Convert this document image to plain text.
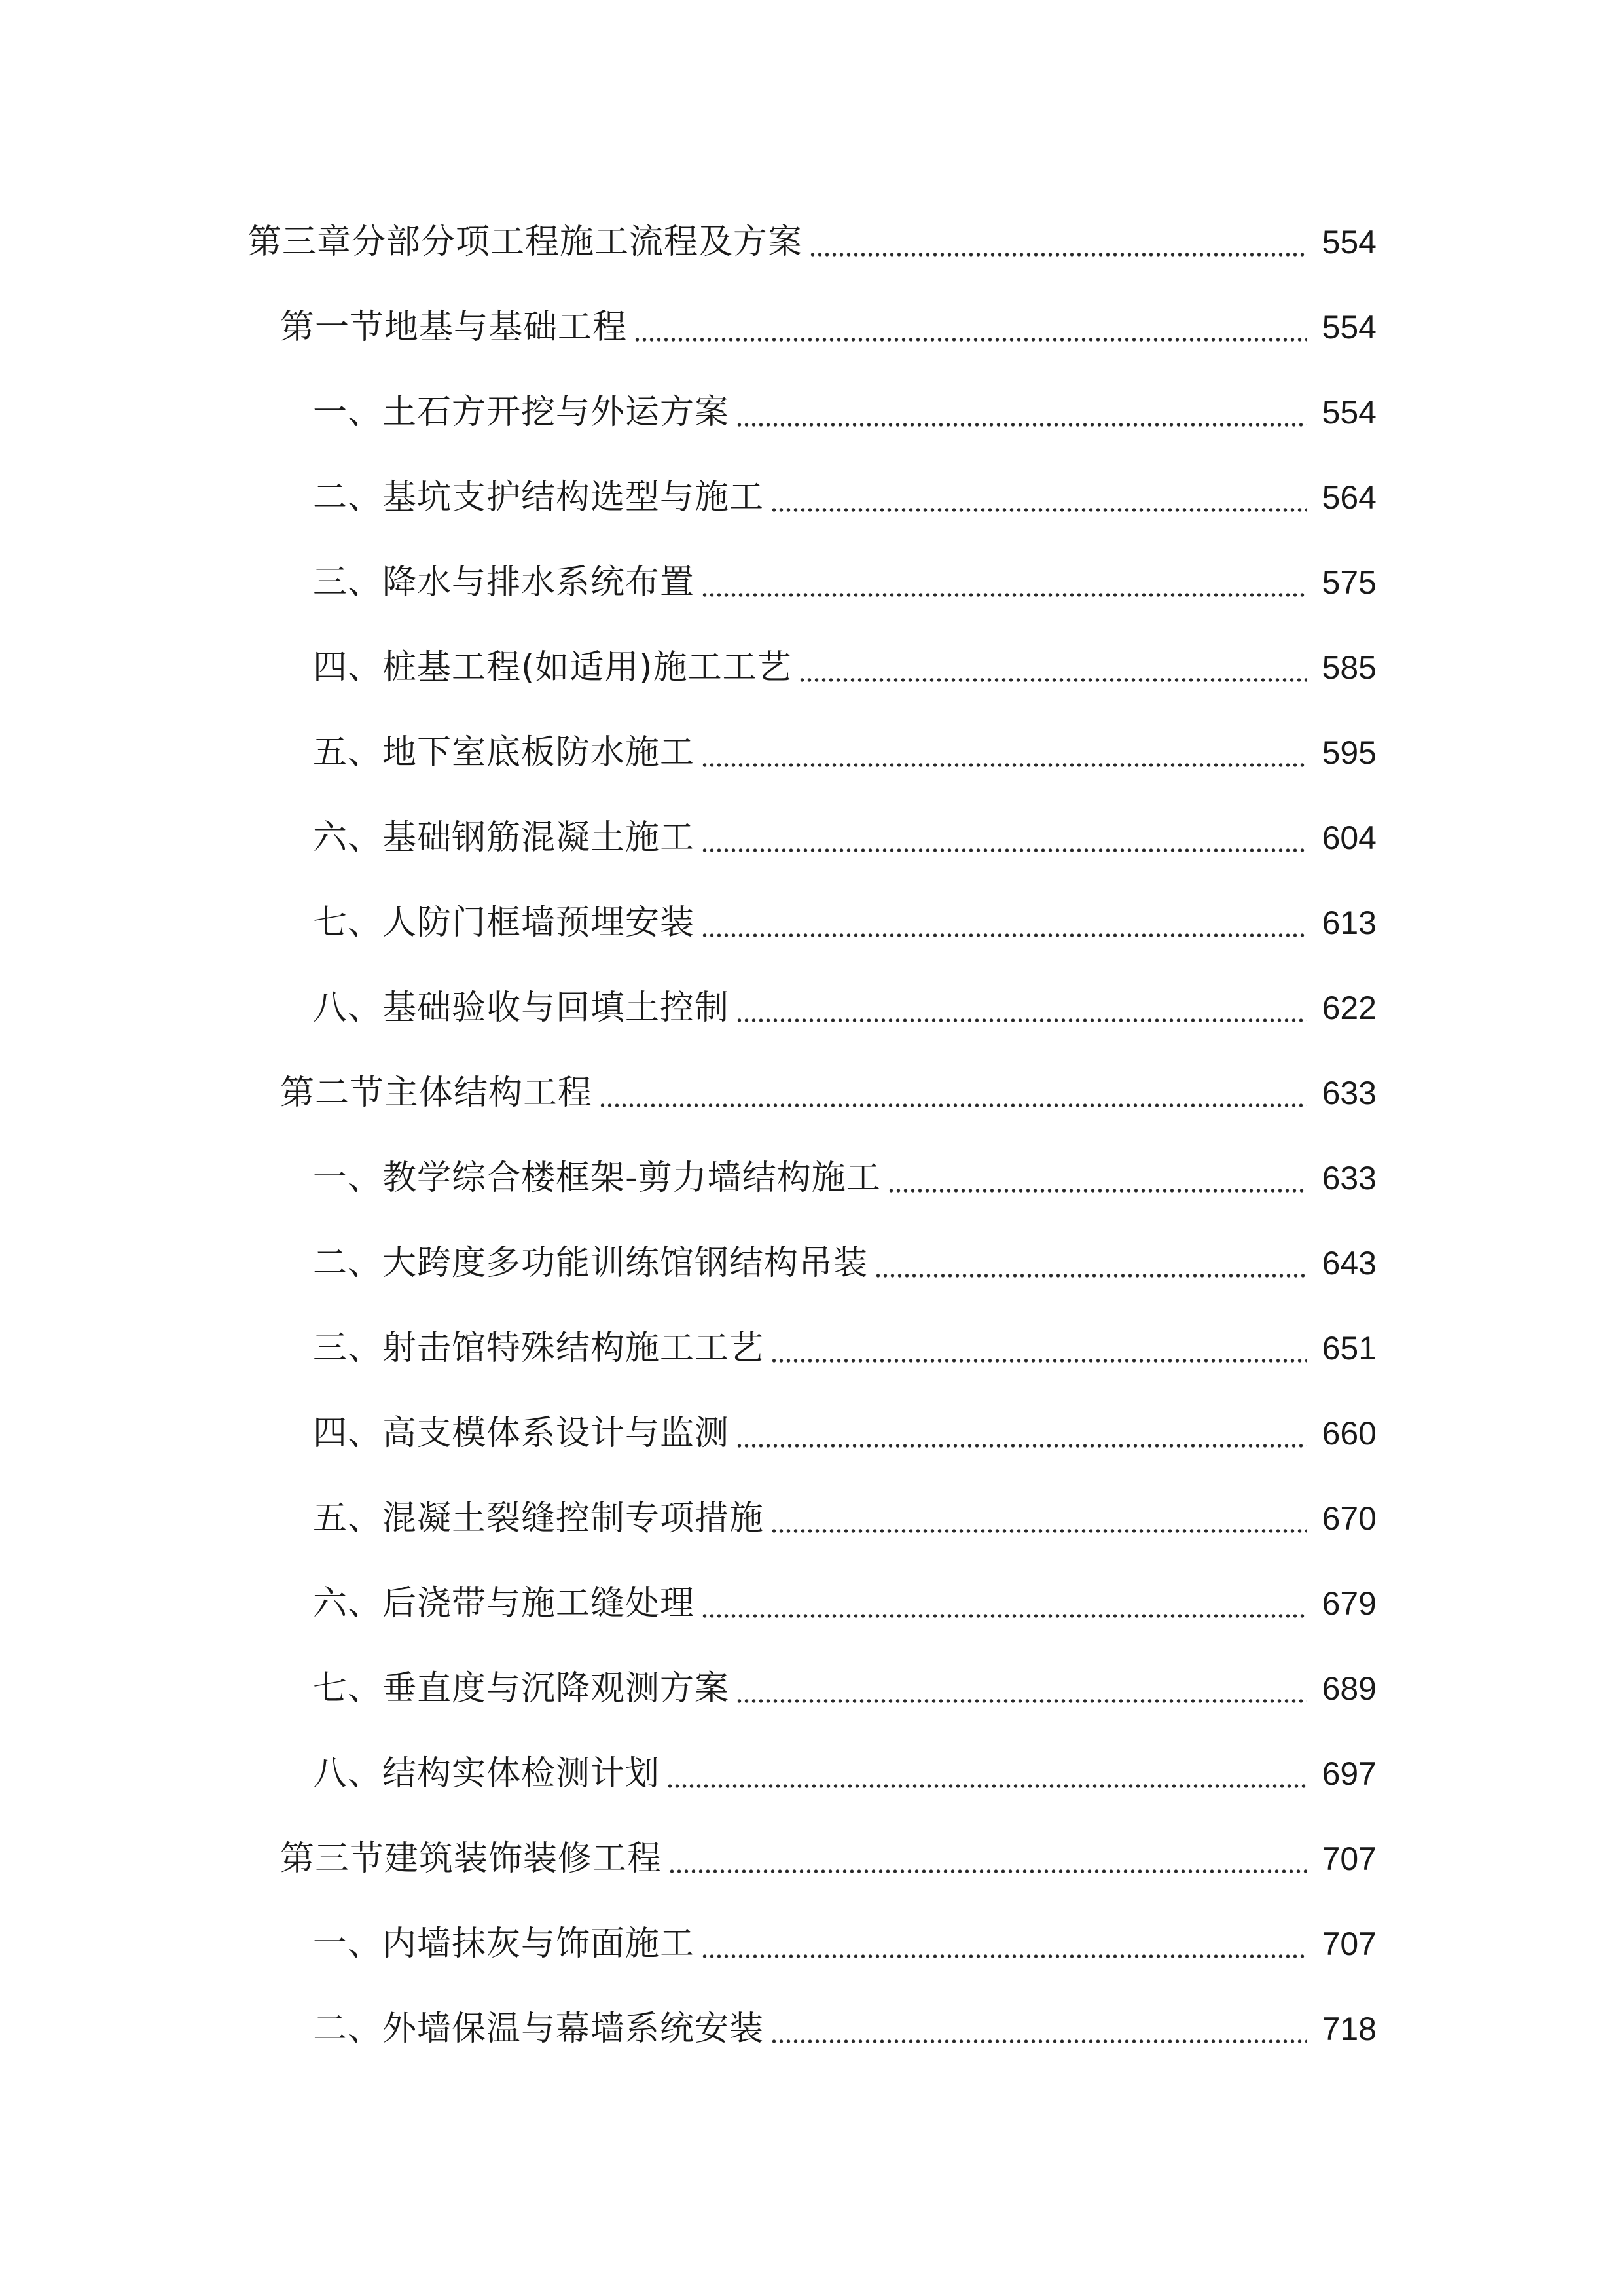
第三章分部分项工程施工流程及方案	554
第一节地基与基础工程	554
一、土石方开挖与外运方案	554
二、基坑支护结构选型与施工	564
三、降水与排水系统布置	575
四、桩基工程(如适用)施工工艺	585
五、地下室底板防水施工	595
六、基础钢筋混凝土施工	604
七、人防门框墙预埋安装	613
八、基础验收与回填土控制	622
第二节主体结构工程	633
一、教学综合楼框架-剪力墙结构施工	633
二、大跨度多功能训练馆钢结构吊装	643
三、射击馆特殊结构施工工艺	651
四、高支模体系设计与监测	660
五、混凝土裂缝控制专项措施	670
六、后浇带与施工缝处理	679
七、垂直度与沉降观测方案	689
八、结构实体检测计划	697
第三节建筑装饰装修工程	707
一、内墙抹灰与饰面施工	707
二、外墙保温与幕墙系统安装	718
